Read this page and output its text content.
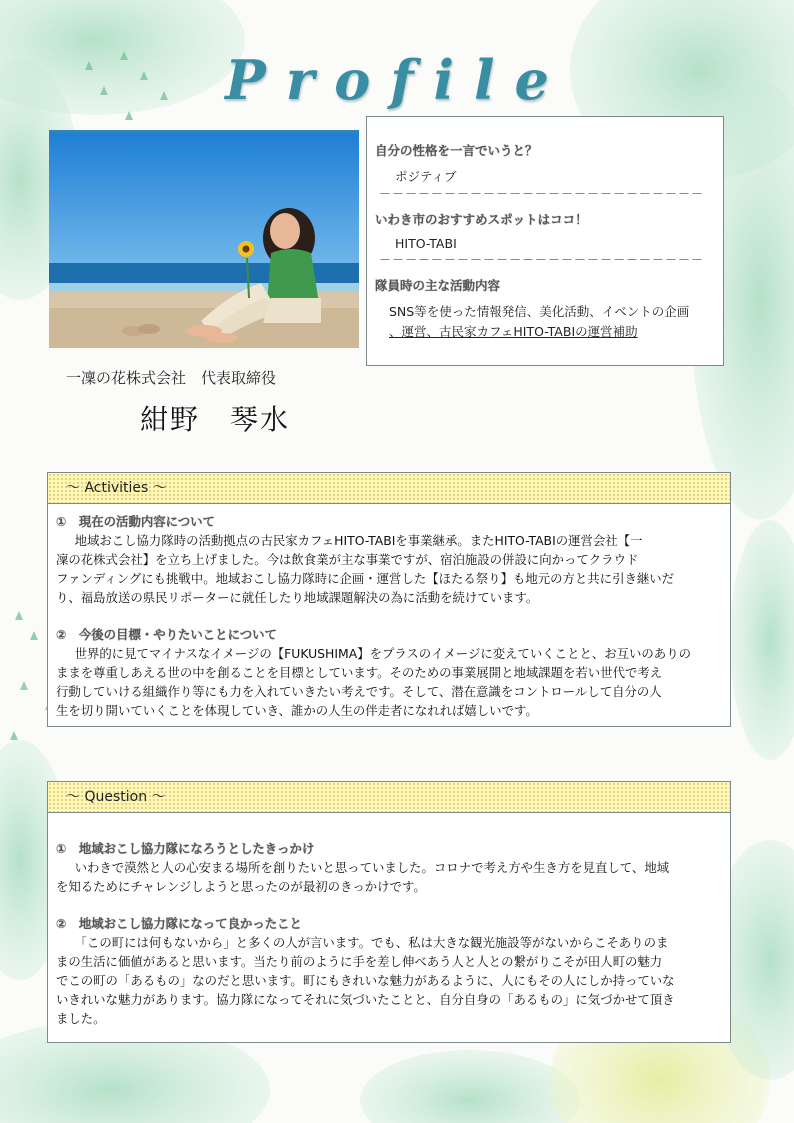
Profile
自分の性格を一言でいうと？
ポジティブ
－－－－－－－－－－－－－－－－－－－－－－－－－
いわき市のおすすめスポットはココ！
HITO-TABI
－－－－－－－－－－－－－－－－－－－－－－－－－
隊員時の主な活動内容
SNS等を使った情報発信、美化活動、イベントの企画
、運営、古民家カフェHITO-TABIの運営補助
一凜の花株式会社　代表取締役
紺野　琴水
～ Activities ～
①　現在の活動内容について
地域おこし協力隊時の活動拠点の古民家カフェHITO-TABIを事業継承。またHITO-TABIの運営会社【一
凜の花株式会社】を立ち上げました。今は飲食業が主な事業ですが、宿泊施設の併設に向かってクラウド
ファンディングにも挑戦中。地域おこし協力隊時に企画・運営した【ほたる祭り】も地元の方と共に引き継いだ
り、福島放送の県民リポーターに就任したり地域課題解決の為に活動を続けています。
②　今後の目標・やりたいことについて
世界的に見てマイナスなイメージの【FUKUSHIMA】をプラスのイメージに変えていくことと、お互いのありの
ままを尊重しあえる世の中を創ることを目標としています。そのための事業展開と地域課題を若い世代で考え
行動していける組織作り等にも力を入れていきたい考えです。そして、潜在意識をコントロールして自分の人
生を切り開いていくことを体現していき、誰かの人生の伴走者になれれば嬉しいです。
～ Question ～
①　地域おこし協力隊になろうとしたきっかけ
いわきで漠然と人の心安まる場所を創りたいと思っていました。コロナで考え方や生き方を見直して、地域
を知るためにチャレンジしようと思ったのが最初のきっかけです。
②　地域おこし協力隊になって良かったこと
「この町には何もないから」と多くの人が言います。でも、私は大きな観光施設等がないからこそありのま
まの生活に価値があると思います。当たり前のように手を差し伸べあう人と人との繋がりこそが田人町の魅力
でこの町の「あるもの」なのだと思います。町にもきれいな魅力があるように、人にもその人にしか持っていな
いきれいな魅力があります。協力隊になってそれに気づいたことと、自分自身の「あるもの」に気づかせて頂き
ました。
